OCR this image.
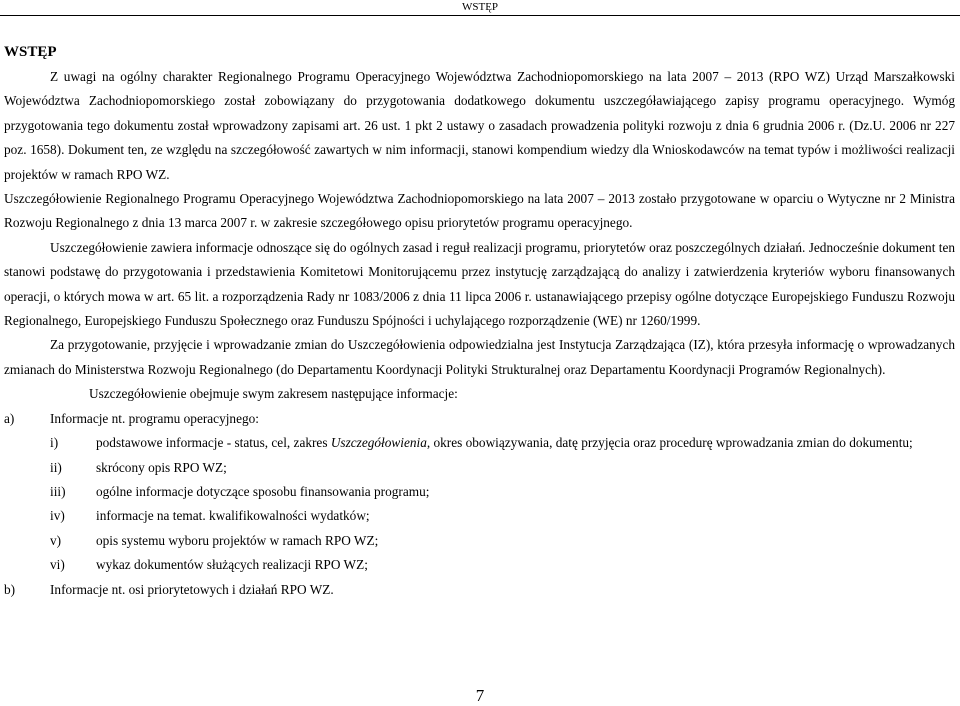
WSTĘP
WSTĘP

Z uwagi na ogólny charakter Regionalnego Programu Operacyjnego Województwa Zachodniopomorskiego na lata 2007 – 2013 (RPO WZ) Urząd Marszałkowski Województwa Zachodniopomorskiego został zobowiązany do przygotowania dodatkowego dokumentu uszczegóławiającego zapisy programu operacyjnego. Wymóg przygotowania tego dokumentu został wprowadzony zapisami art. 26 ust. 1 pkt 2 ustawy o zasadach prowadzenia polityki rozwoju z dnia 6 grudnia 2006 r. (Dz.U. 2006 nr 227 poz. 1658). Dokument ten, ze względu na szczegółowość zawartych w nim informacji, stanowi kompendium wiedzy dla Wnioskodawców na temat typów i możliwości realizacji projektów w ramach RPO WZ.

Uszczegółowienie Regionalnego Programu Operacyjnego Województwa Zachodniopomorskiego na lata 2007 – 2013 zostało przygotowane w oparciu o Wytyczne nr 2 Ministra Rozwoju Regionalnego z dnia 13 marca 2007 r. w zakresie szczegółowego opisu priorytetów programu operacyjnego.

Uszczegółowienie zawiera informacje odnoszące się do ogólnych zasad i reguł realizacji programu, priorytetów oraz poszczególnych działań. Jednocześnie dokument ten stanowi podstawę do przygotowania i przedstawienia Komitetowi Monitorującemu przez instytucję zarządzającą do analizy i zatwierdzenia kryteriów wyboru finansowanych operacji, o których mowa w art. 65 lit. a rozporządzenia Rady nr 1083/2006 z dnia 11 lipca 2006 r. ustanawiającego przepisy ogólne dotyczące Europejskiego Funduszu Rozwoju Regionalnego, Europejskiego Funduszu Społecznego oraz Funduszu Spójności i uchylającego rozporządzenie (WE) nr 1260/1999.

Za przygotowanie, przyjęcie i wprowadzanie zmian do Uszczegółowienia odpowiedzialna jest Instytucja Zarządzająca (IZ), która przesyła informację o wprowadzanych zmianach do Ministerstwa Rozwoju Regionalnego (do Departamentu Koordynacji Polityki Strukturalnej oraz Departamentu Koordynacji Programów Regionalnych).

Uszczegółowienie obejmuje swym zakresem następujące informacje:

a)	Informacje nt. programu operacyjnego:
i)	podstawowe informacje - status, cel, zakres Uszczegółowienia, okres obowiązywania, datę przyjęcia oraz procedurę wprowadzania zmian do dokumentu;
ii)	skrócony opis RPO WZ;
iii)	ogólne informacje dotyczące sposobu finansowania programu;
iv)	informacje na temat. kwalifikowalności wydatków;
v)	opis systemu wyboru projektów w ramach RPO WZ;
vi)	wykaz dokumentów służących realizacji RPO WZ;
b)	Informacje nt. osi priorytetowych i działań RPO WZ.
7
